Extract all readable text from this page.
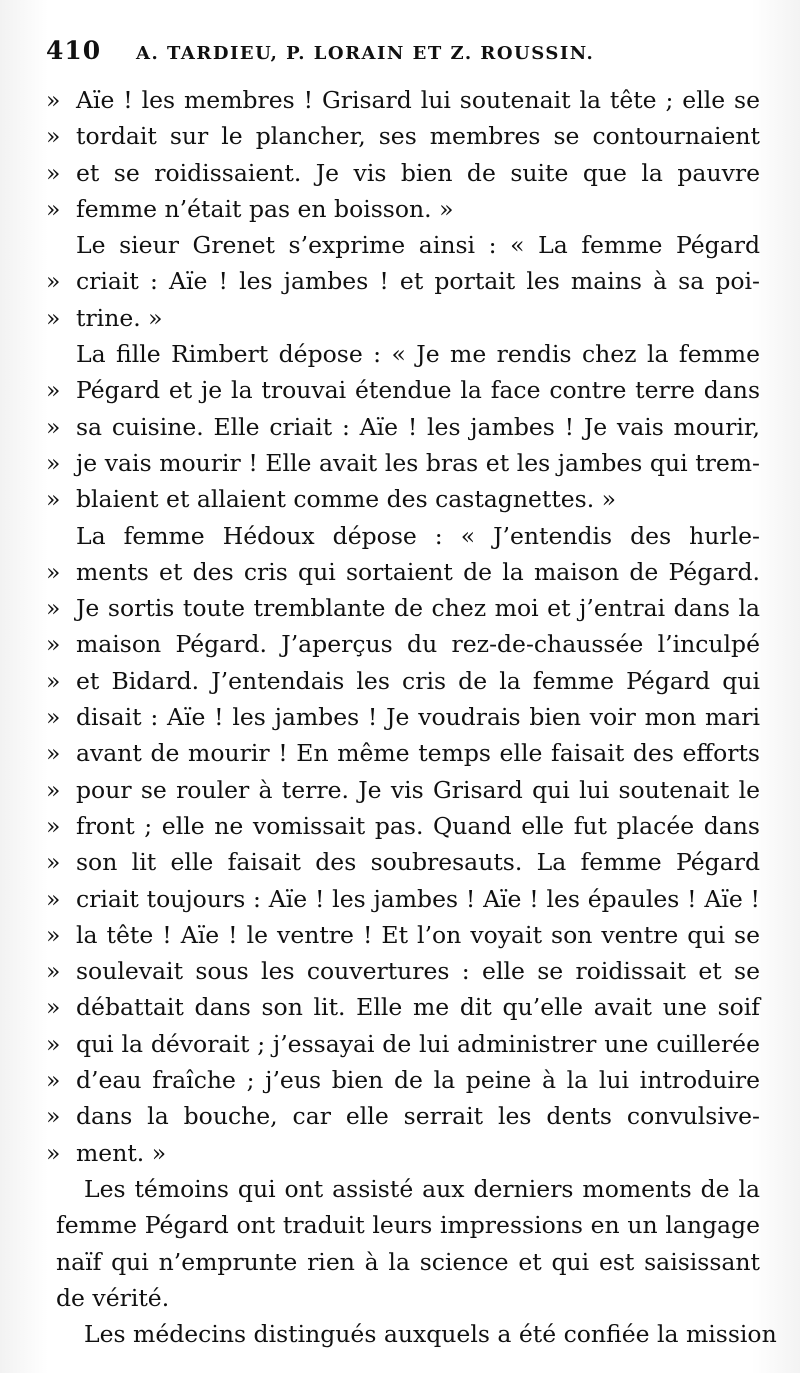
410	A. TARDIEU, P. LORAIN ET Z. ROUSSIN.
» Aïe ! les membres ! Grisard lui soutenait la tête ; elle se
» tordait sur le plancher, ses membres se contournaient
» et se roidissaient. Je vis bien de suite que la pauvre
» femme n’était pas en boisson. »
Le sieur Grenet s’exprime ainsi : « La femme Pégard
» criait : Aïe ! les jambes ! et portait les mains à sa poi-
» trine. »
La fille Rimbert dépose : « Je me rendis chez la femme
» Pégard et je la trouvai étendue la face contre terre dans
» sa cuisine. Elle criait : Aïe ! les jambes ! Je vais mourir,
» je vais mourir ! Elle avait les bras et les jambes qui trem-
» blaient et allaient comme des castagnettes. »
La femme Hédoux dépose : « J’entendis des hurle-
» ments et des cris qui sortaient de la maison de Pégard.
» Je sortis toute tremblante de chez moi et j’entrai dans la
» maison Pégard. J’aperçus du rez-de-chaussée l’inculpé
» et Bidard. J’entendais les cris de la femme Pégard qui
» disait : Aïe ! les jambes ! Je voudrais bien voir mon mari
» avant de mourir ! En même temps elle faisait des efforts
» pour se rouler à terre. Je vis Grisard qui lui soutenait le
» front ; elle ne vomissait pas. Quand elle fut placée dans
» son lit elle faisait des soubresauts. La femme Pégard
» criait toujours : Aïe ! les jambes ! Aïe ! les épaules ! Aïe !
» la tête ! Aïe ! le ventre ! Et l’on voyait son ventre qui se
» soulevait sous les couvertures : elle se roidissait et se
» débattait dans son lit. Elle me dit qu’elle avait une soif
» qui la dévorait ; j’essayai de lui administrer une cuillerée
» d’eau fraîche ; j’eus bien de la peine à la lui introduire
» dans la bouche, car elle serrait les dents convulsive-
» ment. »
Les témoins qui ont assisté aux derniers moments de la
femme Pégard ont traduit leurs impressions en un langage
naïf qui n’emprunte rien à la science et qui est saisissant
de vérité.
Les médecins distingués auxquels a été confiée la mission
